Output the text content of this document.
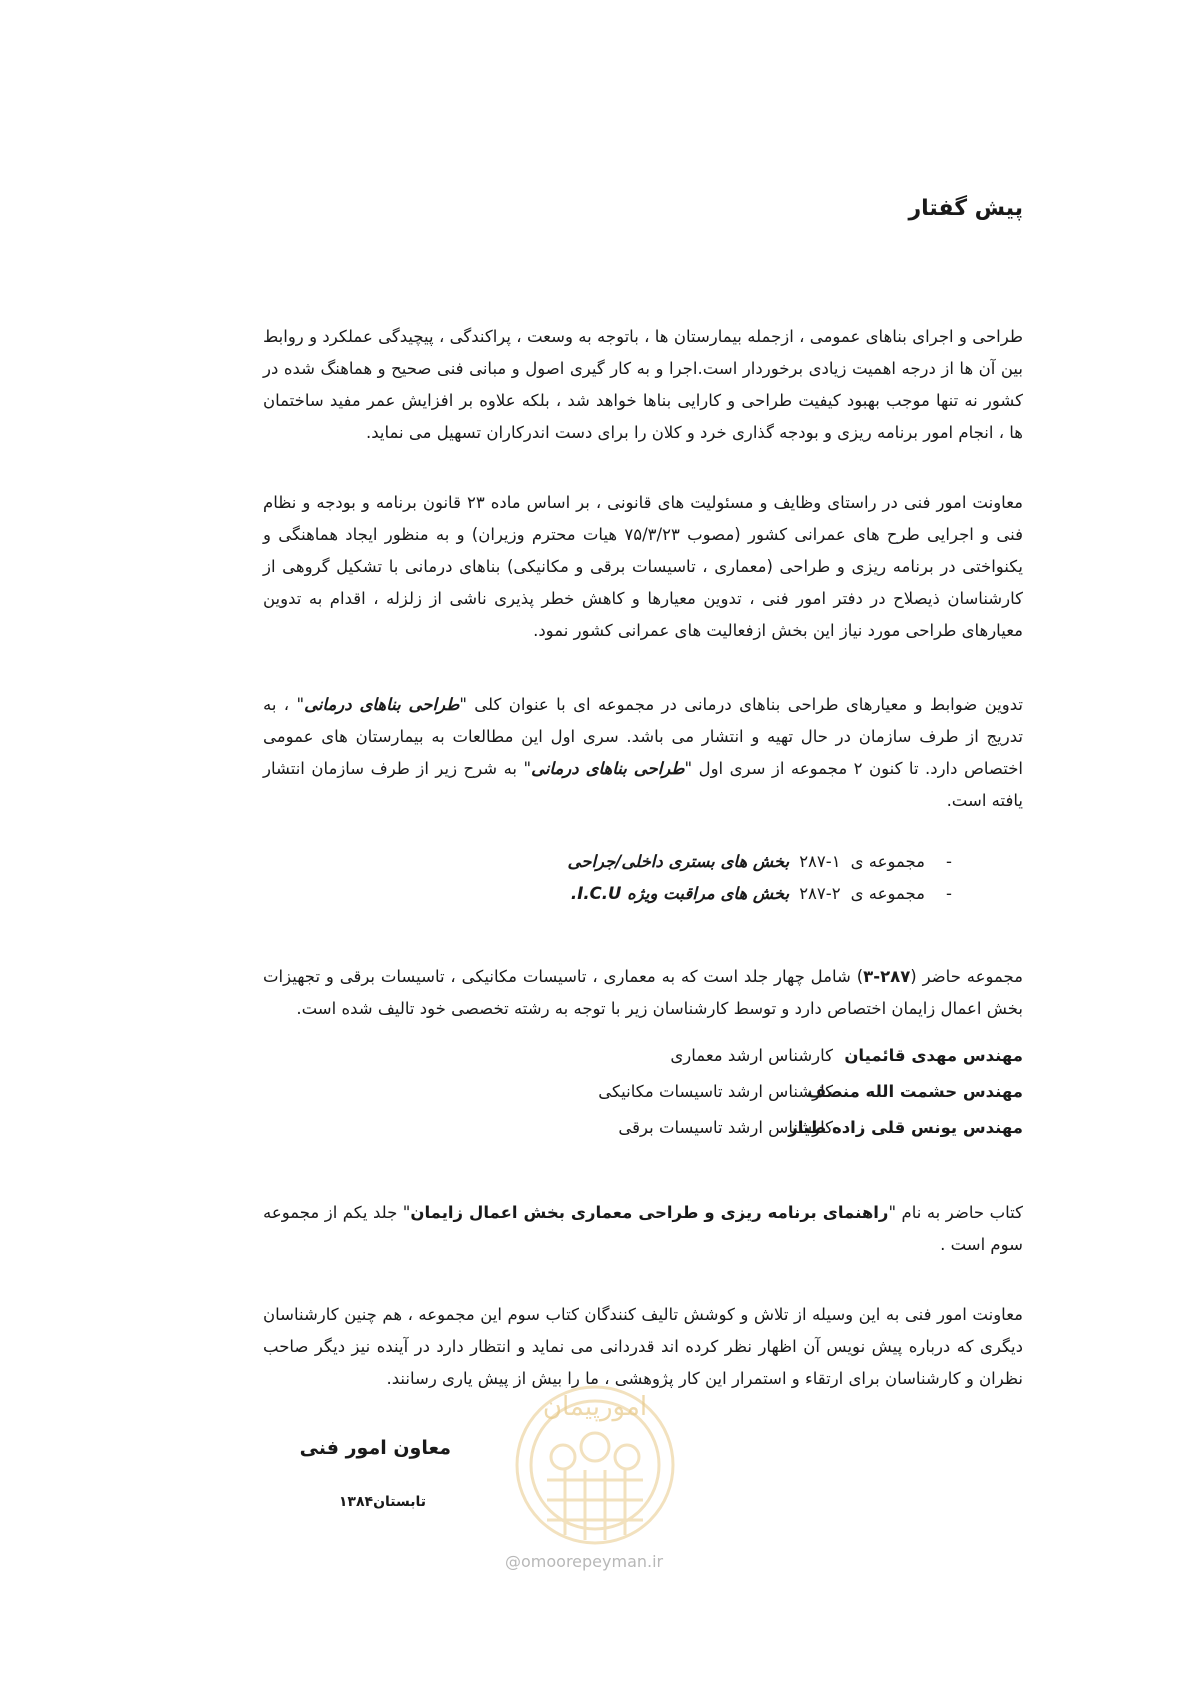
پیش گفتار

طراحی و اجرای بناهای عمومی ، ازجمله بیمارستان ها ، باتوجه به وسعت ، پراکندگی ، پیچیدگی عملکرد و روابط بین آن ها از درجه اهمیت زیادی برخوردار است.اجرا و به کار گیری اصول و مبانی فنی صحیح و هماهنگ شده در کشور نه تنها موجب بهبود کیفیت طراحی و کارایی بناها خواهد شد ، بلکه علاوه بر افزایش عمر مفید ساختمان ها ، انجام امور برنامه ریزی و بودجه گذاری خرد و کلان را برای دست اندرکاران تسهیل می نماید.

معاونت امور فنی در راستای وظایف و مسئولیت های قانونی ، بر اساس ماده ۲۳ قانون برنامه و بودجه و نظام فنی و اجرایی طرح های عمرانی کشور (مصوب ۷۵/۳/۲۳ هیات محترم وزیران) و به منظور ایجاد هماهنگی و یکنواختی در برنامه ریزی و طراحی (معماری ، تاسیسات برقی و مکانیکی) بناهای درمانی با تشکیل گروهی از کارشناسان ذیصلاح در دفتر امور فنی ، تدوین معیارها و کاهش خطر پذیری ناشی از زلزله ، اقدام به تدوین معیارهای طراحی مورد نیاز این بخش ازفعالیت های عمرانی کشور نمود.

تدوین ضوابط و معیارهای طراحی بناهای درمانی در مجموعه ای با عنوان کلی "طراحی بناهای درمانی" ، به تدریج از طرف سازمان در حال تهیه و انتشار می باشد. سری اول این مطالعات به بیمارستان های عمومی اختصاص دارد. تا کنون ۲ مجموعه از سری اول "طراحی بناهای درمانی" به شرح زیر از طرف سازمان انتشار یافته است.

-
مجموعه ی
۲۸۷-۱
بخش های بستری داخلی/جراحی
-
مجموعه ی
۲۸۷-۲
بخش های مراقبت ویژه I.C.U.

مجموعه حاضر (۲۸۷-۳) شامل چهار جلد است که به معماری ، تاسیسات مکانیکی ، تاسیسات برقی و تجهیزات بخش اعمال زایمان اختصاص دارد و توسط کارشناسان زیر با توجه به رشته تخصصی خود تالیف شده است.

مهندس مهدی قائمیان
کارشناس ارشد معماری
مهندس حشمت الله منصف
کارشناس ارشد تاسیسات مکانیکی
مهندس یونس قلی زاده طیار
کارشناس ارشد تاسیسات برقی

کتاب حاضر به نام "راهنمای برنامه ریزی و طراحی معماری بخش اعمال زایمان" جلد یکم از مجموعه سوم است .

معاونت امور فنی به این وسیله از تلاش و کوشش تالیف کنندگان کتاب سوم این مجموعه ، هم چنین کارشناسان دیگری که درباره پیش نویس آن اظهار نظر کرده اند قدردانی می نماید و انتظار دارد در آینده نیز دیگر صاحب نظران و کارشناسان برای ارتقاء و استمرار این کار پژوهشی ، ما را بیش از پیش یاری رسانند.

امورپیمان
@omoorepeyman.ir
معاون امور فنی
تابستان۱۳۸۴
